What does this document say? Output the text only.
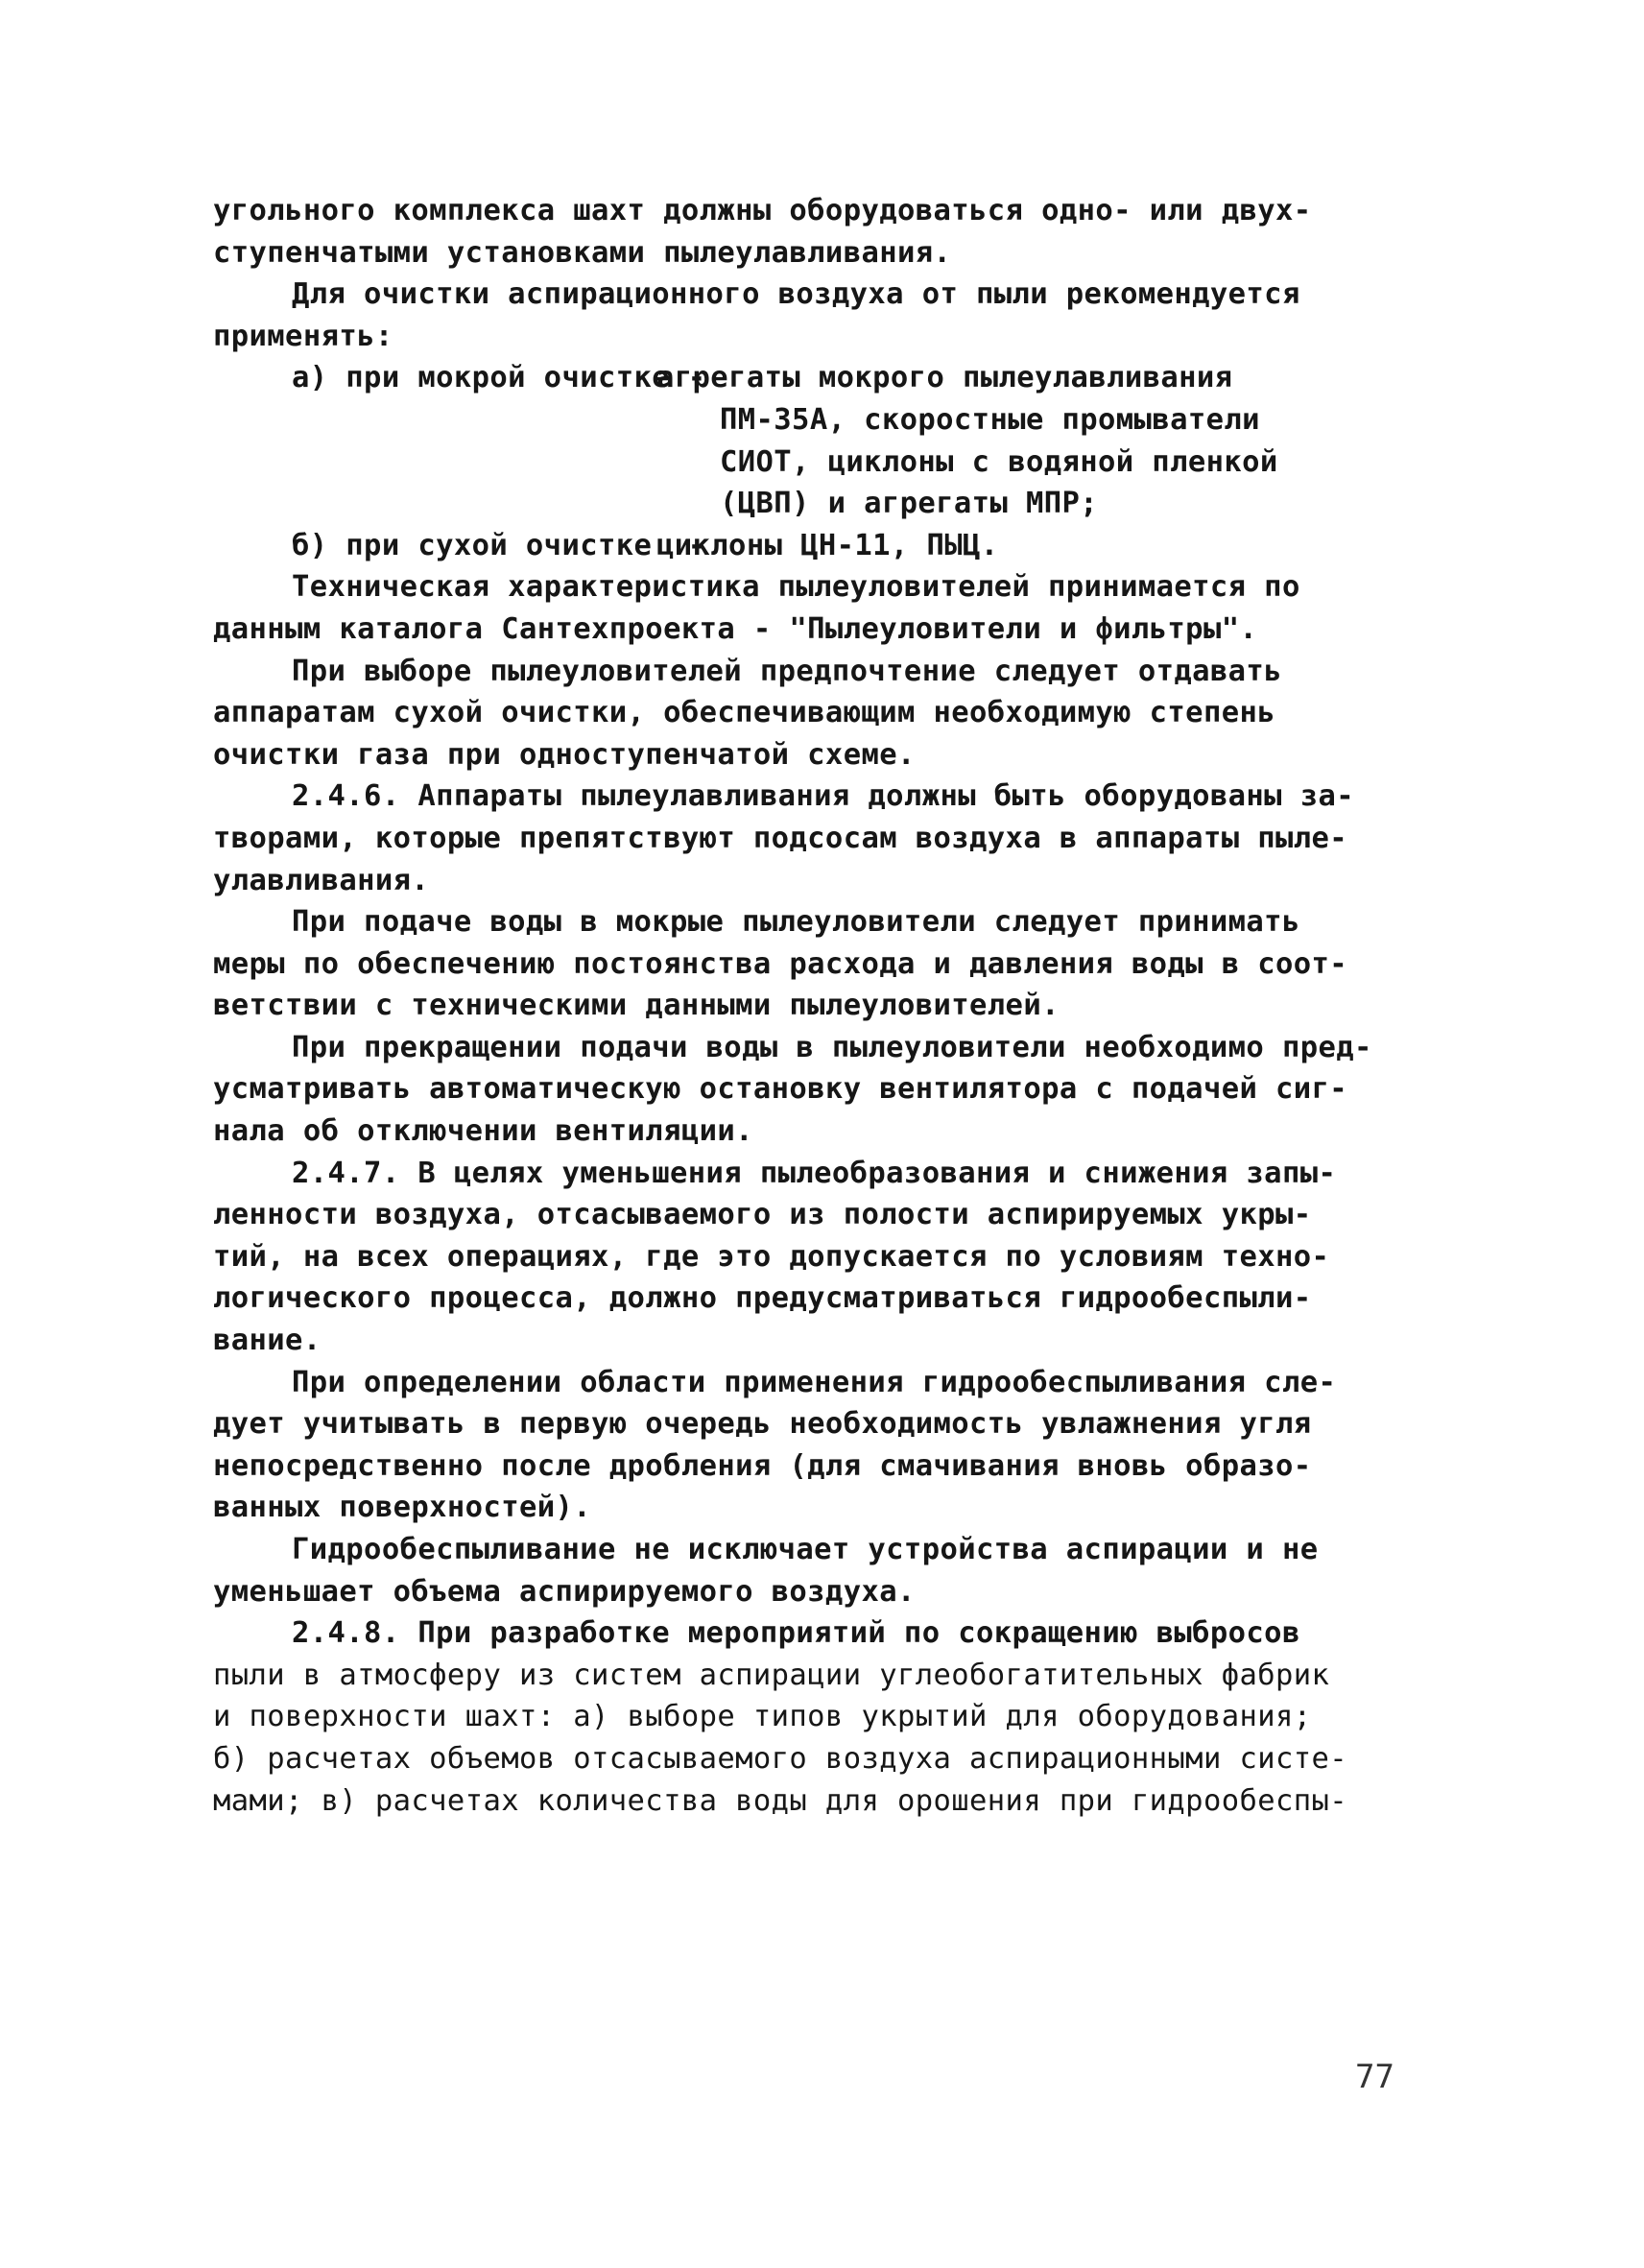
угольного комплекса шахт должны оборудоваться одно- или двух-
ступенчатыми установками пылеулавливания.
Для очистки аспирационного воздуха от пыли рекомендуется
применять:
а) при мокрой очистке -агрегаты мокрого пылеулавливания
ПМ-35А, скоростные промыватели
СИОТ, циклоны с водяной пленкой
(ЦВП) и агрегаты МПР;
б) при сухой очистке  -циклоны ЦН-11, ПЫЦ.
Техническая характеристика пылеуловителей принимается по
данным каталога Сантехпроекта - "Пылеуловители и фильтры".
При выборе пылеуловителей предпочтение следует отдавать
аппаратам сухой очистки, обеспечивающим необходимую степень
очистки газа при одноступенчатой схеме.
2.4.6. Аппараты пылеулавливания должны быть оборудованы за-
творами, которые препятствуют подсосам воздуха в аппараты пыле-
улавливания.
При подаче воды в мокрые пылеуловители следует принимать
меры по обеспечению постоянства расхода и давления воды в соот-
ветствии с техническими данными пылеуловителей.
При прекращении подачи воды в пылеуловители необходимо пред-
усматривать автоматическую остановку вентилятора с подачей сиг-
нала об отключении вентиляции.
2.4.7. В целях уменьшения пылеобразования и снижения запы-
ленности воздуха, отсасываемого из полости аспирируемых укры-
тий, на всех операциях, где это допускается по условиям техно-
логического процесса, должно предусматриваться гидрообеспыли-
вание.
При определении области применения гидрообеспыливания сле-
дует учитывать в первую очередь необходимость увлажнения угля
непосредственно после дробления (для смачивания вновь образо-
ванных поверхностей).
Гидрообеспыливание не исключает устройства аспирации и не
уменьшает объема аспирируемого воздуха.
2.4.8. При разработке мероприятий по сокращению выбросов
пыли в атмосферу из систем аспирации углеобогатительных фабрик
и поверхности шахт: а) выборе типов укрытий для оборудования;
б) расчетах объемов отсасываемого воздуха аспирационными систе-
мами; в) расчетах количества воды для орошения при гидрообеспы-
77
